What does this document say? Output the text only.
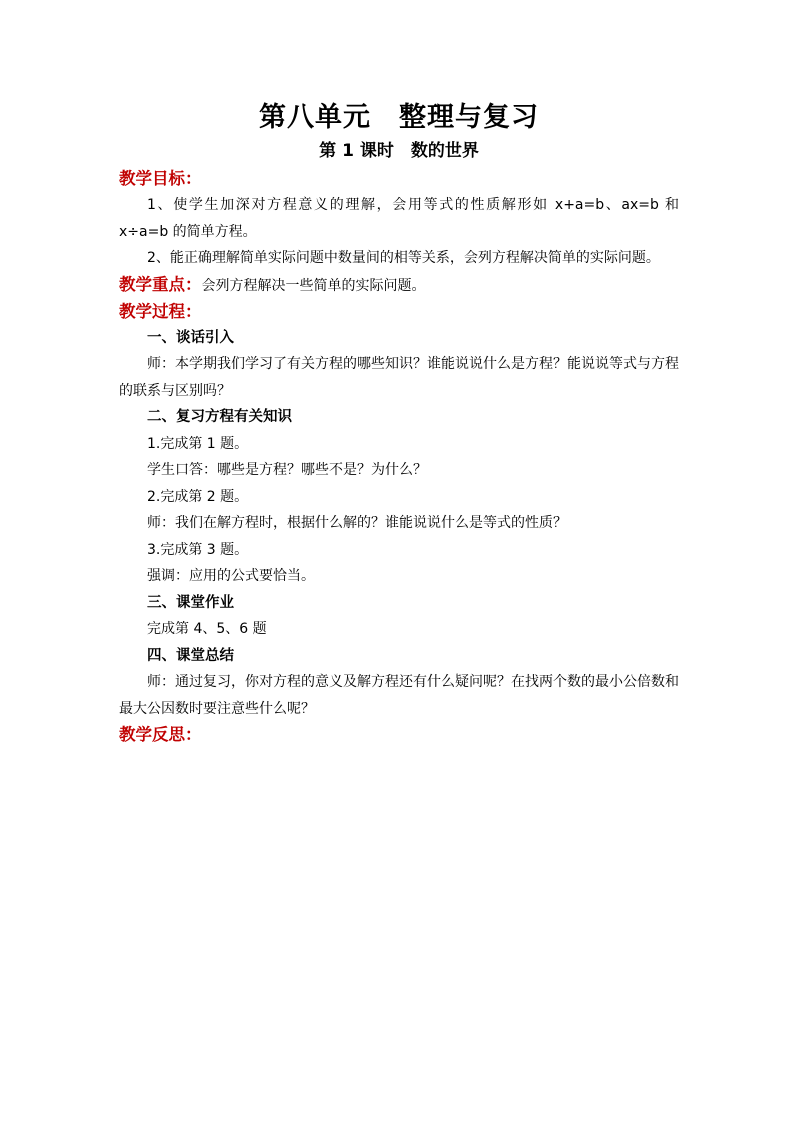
第八单元　整理与复习
第 1 课时　数的世界

教学目标：

1、使学生加深对方程意义的理解，会用等式的性质解形如 x+a=b、ax=b 和 x÷a=b 的简单方程。

2、能正确理解简单实际问题中数量间的相等关系，会列方程解决简单的实际问题。

教学重点：会列方程解决一些简单的实际问题。

教学过程：

一、谈话引入

师：本学期我们学习了有关方程的哪些知识？谁能说说什么是方程？能说说等式与方程的联系与区别吗？

二、复习方程有关知识

1.完成第 1 题。

学生口答：哪些是方程？哪些不是？为什么？

2.完成第 2 题。

师：我们在解方程时，根据什么解的？谁能说说什么是等式的性质？

3.完成第 3 题。

强调：应用的公式要恰当。

三、课堂作业

完成第 4、5、6 题

四、课堂总结

师：通过复习，你对方程的意义及解方程还有什么疑问呢？在找两个数的最小公倍数和最大公因数时要注意些什么呢？

教学反思：
